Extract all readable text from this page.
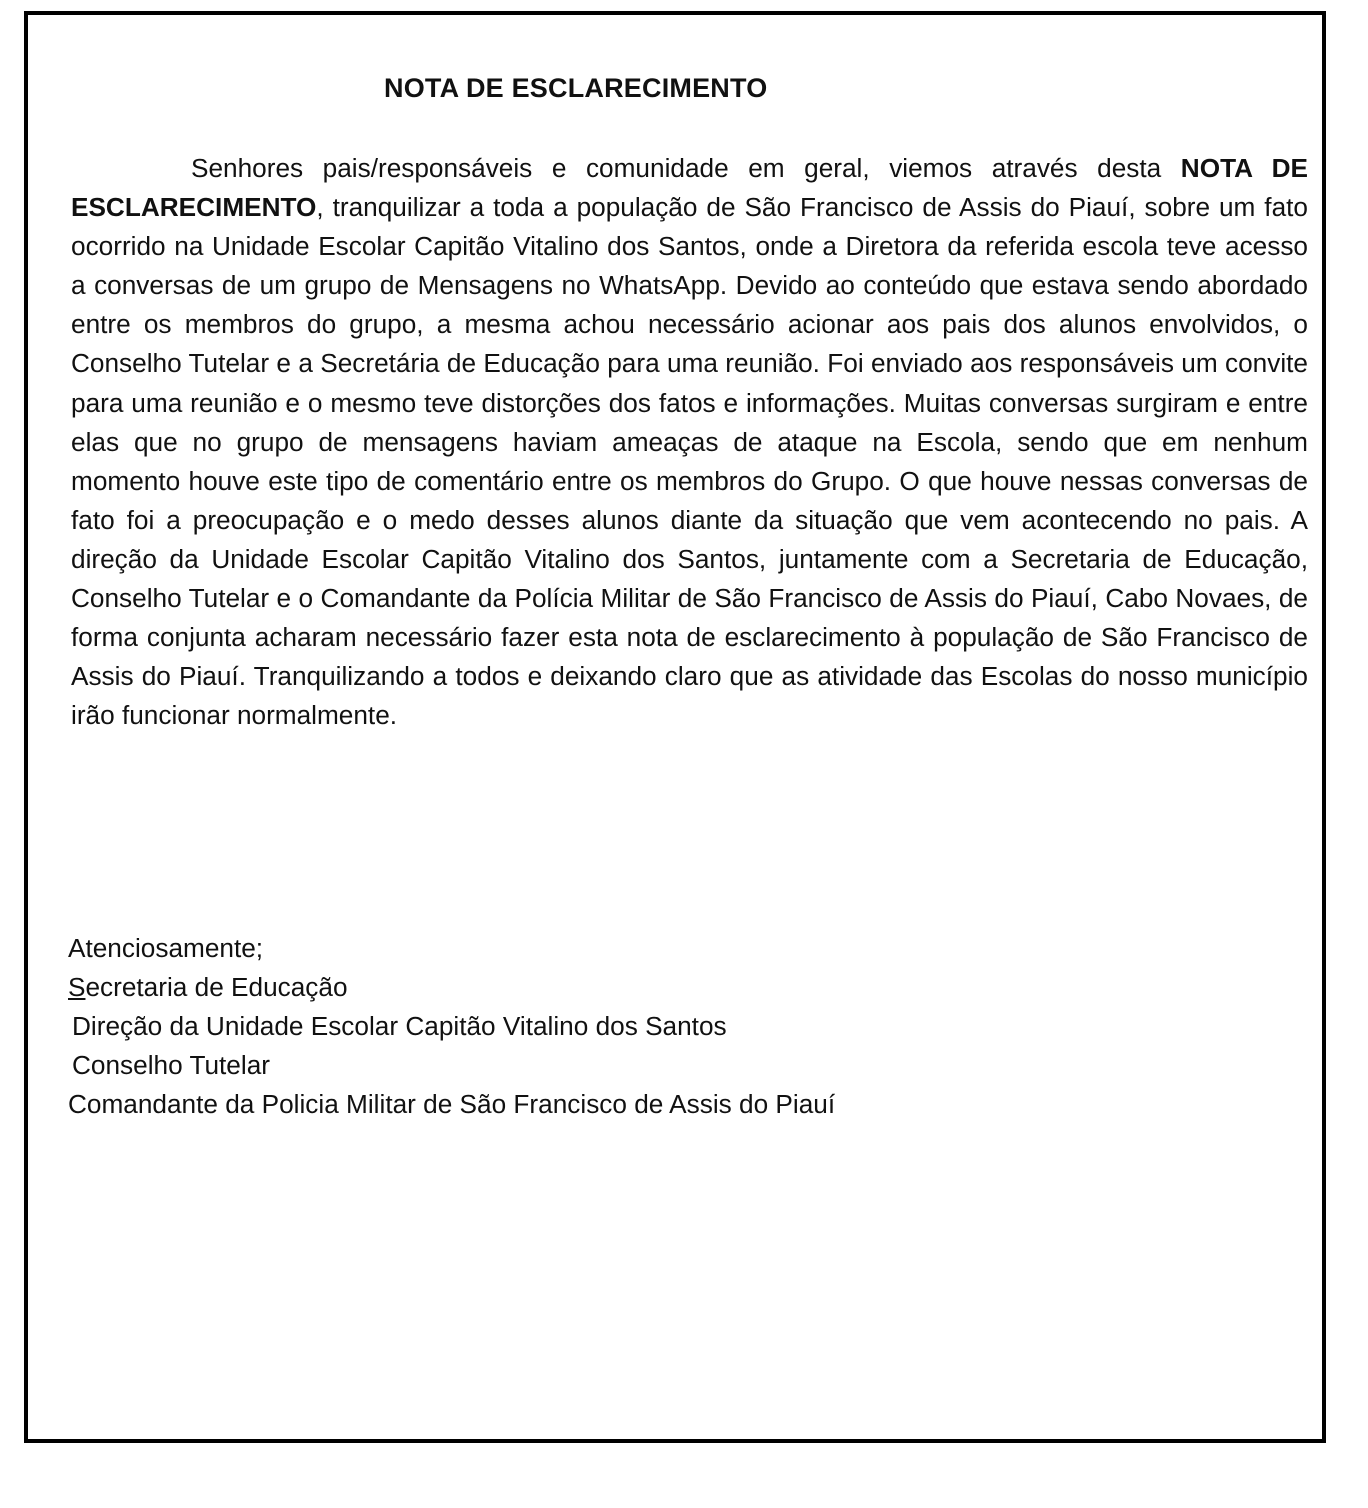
NOTA DE ESCLARECIMENTO

Senhores pais/responsáveis e comunidade em geral, viemos através desta NOTA DE ESCLARECIMENTO, tranquilizar a toda a população de São Francisco de Assis do Piauí, sobre um fato ocorrido na Unidade Escolar Capitão Vitalino dos Santos, onde a Diretora da referida escola teve acesso a conversas de um grupo de Mensagens no WhatsApp. Devido ao conteúdo que estava sendo abordado entre os membros do grupo, a mesma achou necessário acionar aos pais dos alunos envolvidos, o Conselho Tutelar e a Secretária de Educação para uma reunião. Foi enviado aos responsáveis um convite para uma reunião e o mesmo teve distorções dos fatos e informações. Muitas conversas surgiram e entre elas que no grupo de mensagens haviam ameaças de ataque na Escola, sendo que em nenhum momento houve este tipo de comentário entre os membros do Grupo. O que houve nessas conversas de fato foi a preocupação e o medo desses alunos diante da situação que vem acontecendo no pais. A direção da Unidade Escolar Capitão Vitalino dos Santos, juntamente com a Secretaria de Educação, Conselho Tutelar e o Comandante da Polícia Militar de São Francisco de Assis do Piauí, Cabo Novaes, de forma conjunta acharam necessário fazer esta nota de esclarecimento à população de São Francisco de Assis do Piauí. Tranquilizando a todos e deixando claro que as atividade das Escolas do nosso município irão funcionar normalmente.

Atenciosamente;
Secretaria de Educação
Direção da Unidade Escolar Capitão Vitalino dos Santos
Conselho Tutelar
Comandante da Policia Militar de São Francisco de Assis do Piauí
